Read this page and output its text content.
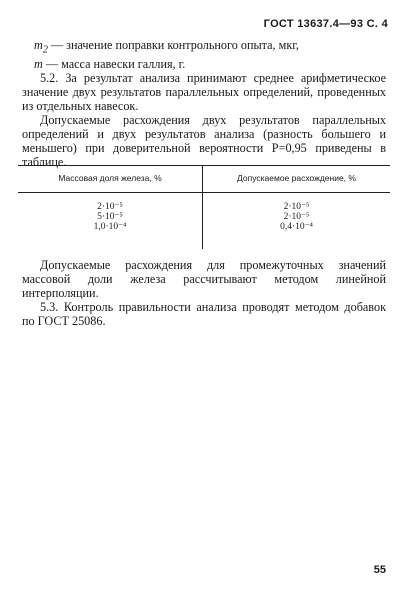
ГОСТ 13637.4—93 С. 4

$m_2$ — значение поправки контрольного опыта, мкг,

m — масса навески галлия, г.

5.2. За результат анализа принимают среднее арифметическое значение двух результатов параллельных определений, проведенных из отдельных навесок.

Допускаемые расхождения двух результатов параллельных определений и двух результатов анализа (разность большего и меньшего) при доверительной вероятности P=0,95 приведены в таблице.

Массовая доля железа, %	Допускаемое расхождение, %
2·10⁻⁵
5·10⁻⁵
1,0·10⁻⁴
2·10⁻⁵
2·10⁻⁵
0,4·10⁻⁴

Допускаемые расхождения для промежуточных значений массовой доли железа рассчитывают методом линейной интерполяции.

5.3. Контроль правильности анализа проводят методом добавок по ГОСТ 25086.

55
